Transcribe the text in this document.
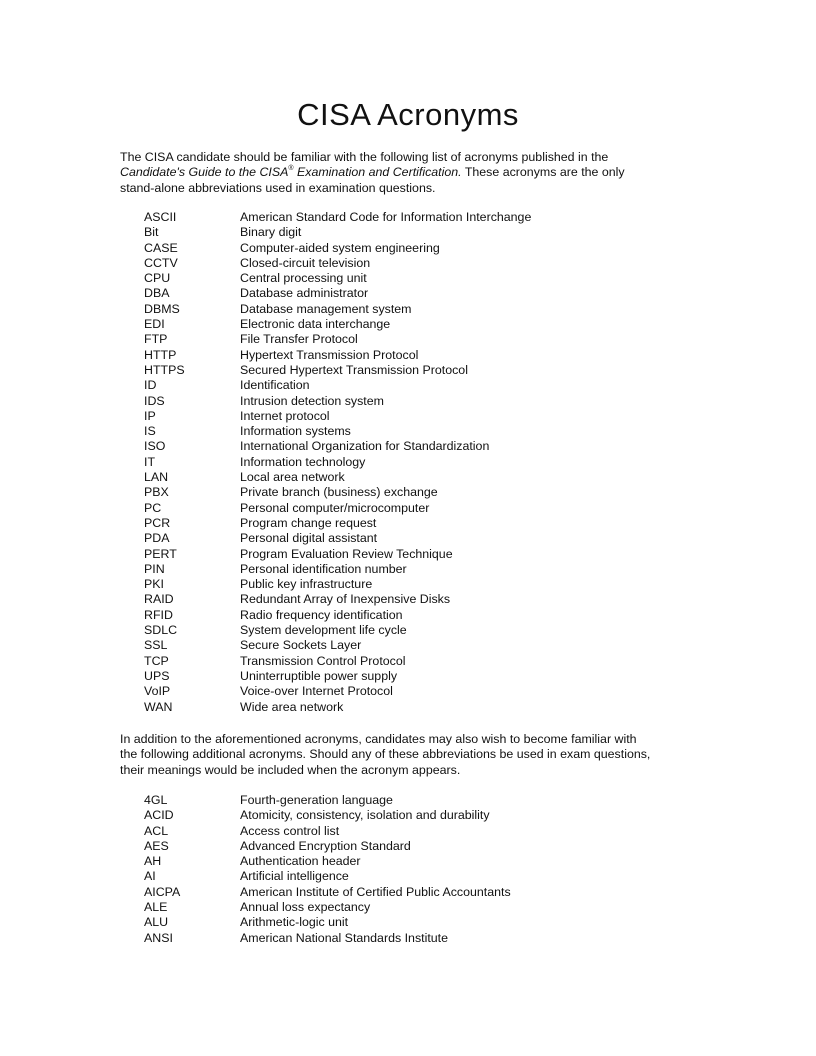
CISA Acronyms
The CISA candidate should be familiar with the following list of acronyms published in the
Candidate's Guide to the CISA® Examination and Certification. These acronyms are the only
stand-alone abbreviations used in examination questions.
ASCII	American Standard Code for Information Interchange
Bit	Binary digit
CASE	Computer-aided system engineering
CCTV	Closed-circuit television
CPU	Central processing unit
DBA	Database administrator
DBMS	Database management system
EDI	Electronic data interchange
FTP	File Transfer Protocol
HTTP	Hypertext Transmission Protocol
HTTPS	Secured Hypertext Transmission Protocol
ID	Identification
IDS	Intrusion detection system
IP	Internet protocol
IS	Information systems
ISO	International Organization for Standardization
IT	Information technology
LAN	Local area network
PBX	Private branch (business) exchange
PC	Personal computer/microcomputer
PCR	Program change request
PDA	Personal digital assistant
PERT	Program Evaluation Review Technique
PIN	Personal identification number
PKI	Public key infrastructure
RAID	Redundant Array of Inexpensive Disks
RFID	Radio frequency identification
SDLC	System development life cycle
SSL	Secure Sockets Layer
TCP	Transmission Control Protocol
UPS	Uninterruptible power supply
VoIP	Voice-over Internet Protocol
WAN	Wide area network
In addition to the aforementioned acronyms, candidates may also wish to become familiar with
the following additional acronyms. Should any of these abbreviations be used in exam questions,
their meanings would be included when the acronym appears.
4GL	Fourth-generation language
ACID	Atomicity, consistency, isolation and durability
ACL	Access control list
AES	Advanced Encryption Standard
AH	Authentication header
AI	Artificial intelligence
AICPA	American Institute of Certified Public Accountants
ALE	Annual loss expectancy
ALU	Arithmetic-logic unit
ANSI	American National Standards Institute
